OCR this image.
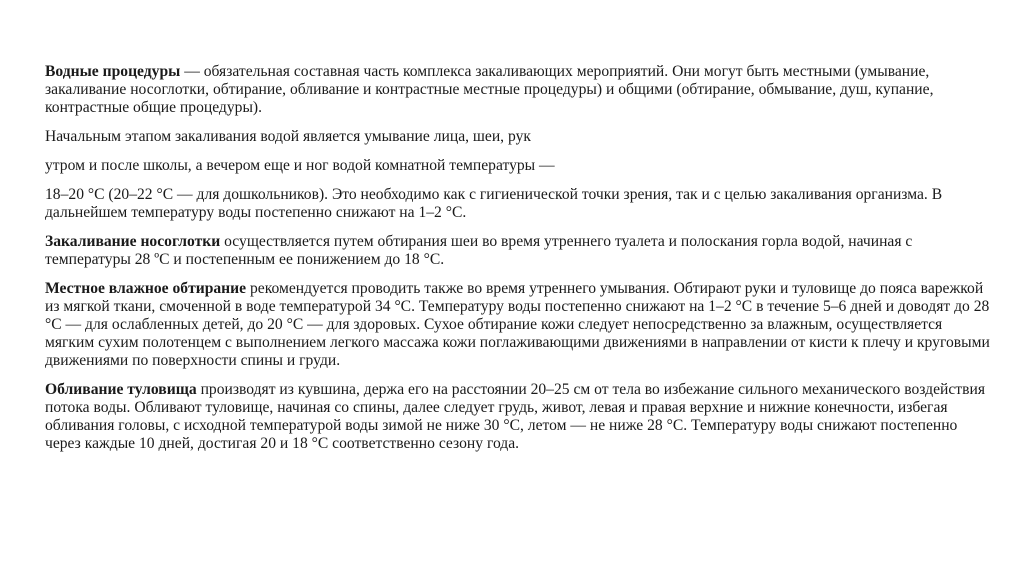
Водные процедуры — обязательная составная часть комплекса закаливающих мероприятий. Они могут быть местными (умывание, закаливание носоглотки, обтирание, обливание и контрастные местные процедуры) и общими (обтирание, обмывание, душ, купание, контрастные общие процедуры).

Начальным этапом закаливания водой является умывание лица, шеи, рук

утром и после школы, а вечером еще и ног водой комнатной температуры —

18–20 °С (20–22 °С — для дошкольников). Это необходимо как с гигиенической точки зрения, так и с целью закаливания организма. В дальнейшем температуру воды постепенно снижают на 1–2 °С.

Закаливание носоглотки осуществляется путем обтирания шеи во время утреннего туалета и полоскания горла водой, начиная с температуры 28 ºС и постепенным ее понижением до 18 °С.

Местное влажное обтирание рекомендуется проводить также во время утреннего умывания. Обтирают руки и туловище до пояса варежкой из мягкой ткани, смоченной в воде температурой 34 °С. Температуру воды постепенно снижают на 1–2 °С в течение 5–6 дней и доводят до 28 °С — для ослабленных детей, до 20 °С — для здоровых. Сухое обтирание кожи следует непосредственно за влажным, осуществляется мягким сухим полотенцем с выполнением легкого массажа кожи поглаживающими движениями в направлении от кисти к плечу и круговыми движениями по поверхности спины и груди.

Обливание туловища производят из кувшина, держа его на расстоянии 20–25 см от тела во избежание сильного механического воздействия потока воды. Обливают туловище, начиная со спины, далее следует грудь, живот, левая и правая верхние и нижние конечности, избегая обливания головы, с исходной температурой воды зимой не ниже 30 °С, летом — не ниже 28 °С. Температуру воды снижают постепенно через каждые 10 дней, достигая 20 и 18 °С соответственно сезону года.
